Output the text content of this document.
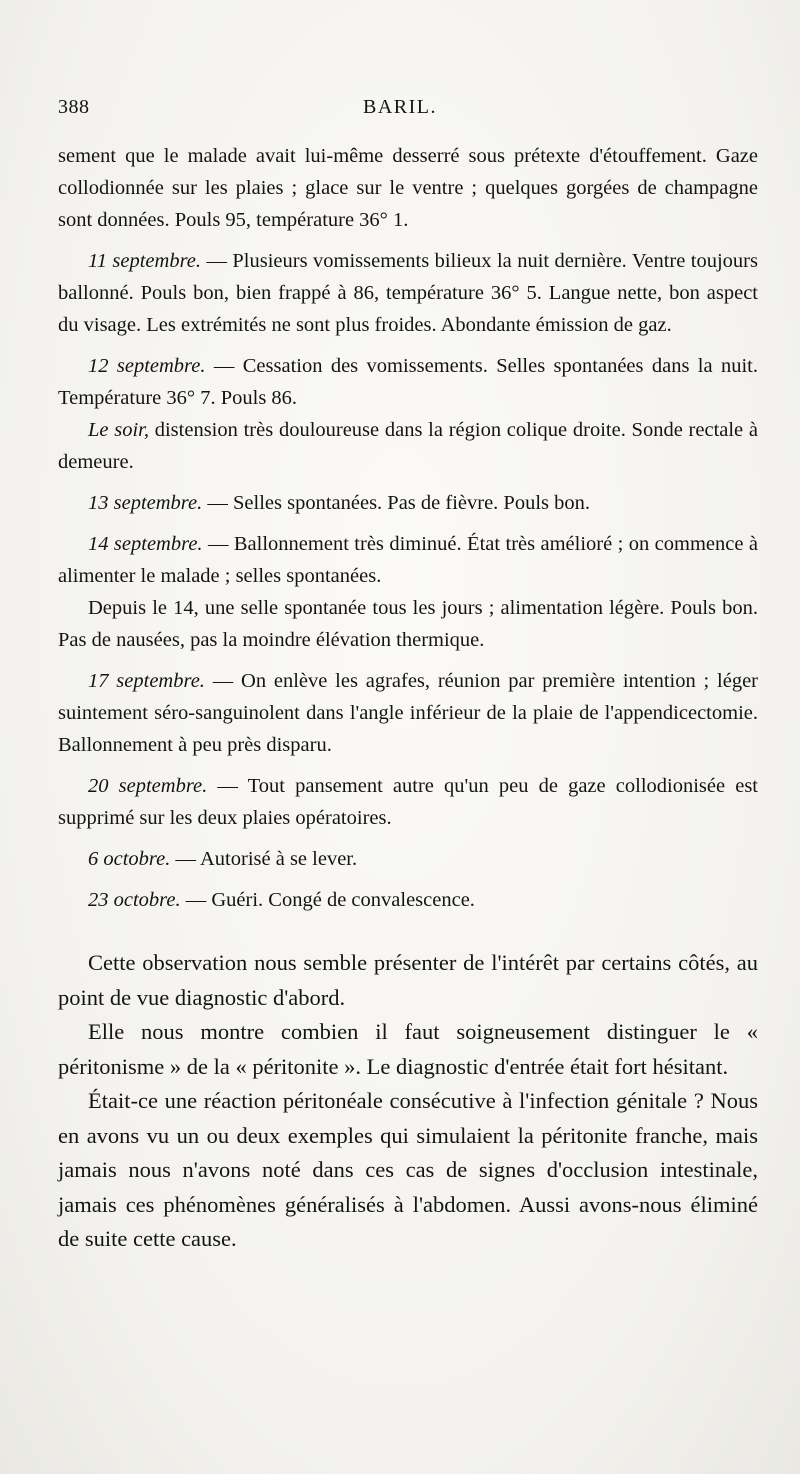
388	BARIL.

sement que le malade avait lui-même desserré sous prétexte d'étouffement. Gaze collodionnée sur les plaies ; glace sur le ventre ; quelques gorgées de champagne sont données. Pouls 95, température 36° 1.

11 septembre. — Plusieurs vomissements bilieux la nuit dernière. Ventre toujours ballonné. Pouls bon, bien frappé à 86, température 36° 5. Langue nette, bon aspect du visage. Les extrémités ne sont plus froides. Abondante émission de gaz.

12 septembre. — Cessation des vomissements. Selles spontanées dans la nuit. Température 36° 7. Pouls 86.

Le soir, distension très douloureuse dans la région colique droite. Sonde rectale à demeure.

13 septembre. — Selles spontanées. Pas de fièvre. Pouls bon.

14 septembre. — Ballonnement très diminué. État très amélioré ; on commence à alimenter le malade ; selles spontanées.

Depuis le 14, une selle spontanée tous les jours ; alimentation légère. Pouls bon. Pas de nausées, pas la moindre élévation thermique.

17 septembre. — On enlève les agrafes, réunion par première intention ; léger suintement séro-sanguinolent dans l'angle inférieur de la plaie de l'appendicectomie. Ballonnement à peu près disparu.

20 septembre. — Tout pansement autre qu'un peu de gaze collodionisée est supprimé sur les deux plaies opératoires.

6 octobre. — Autorisé à se lever.

23 octobre. — Guéri. Congé de convalescence.

Cette observation nous semble présenter de l'intérêt par certains côtés, au point de vue diagnostic d'abord.

Elle nous montre combien il faut soigneusement distinguer le « péritonisme » de la « péritonite ». Le diagnostic d'entrée était fort hésitant.

Était-ce une réaction péritonéale consécutive à l'infection génitale ? Nous en avons vu un ou deux exemples qui simulaient la péritonite franche, mais jamais nous n'avons noté dans ces cas de signes d'occlusion intestinale, jamais ces phénomènes généralisés à l'abdomen. Aussi avons-nous éliminé de suite cette cause.
